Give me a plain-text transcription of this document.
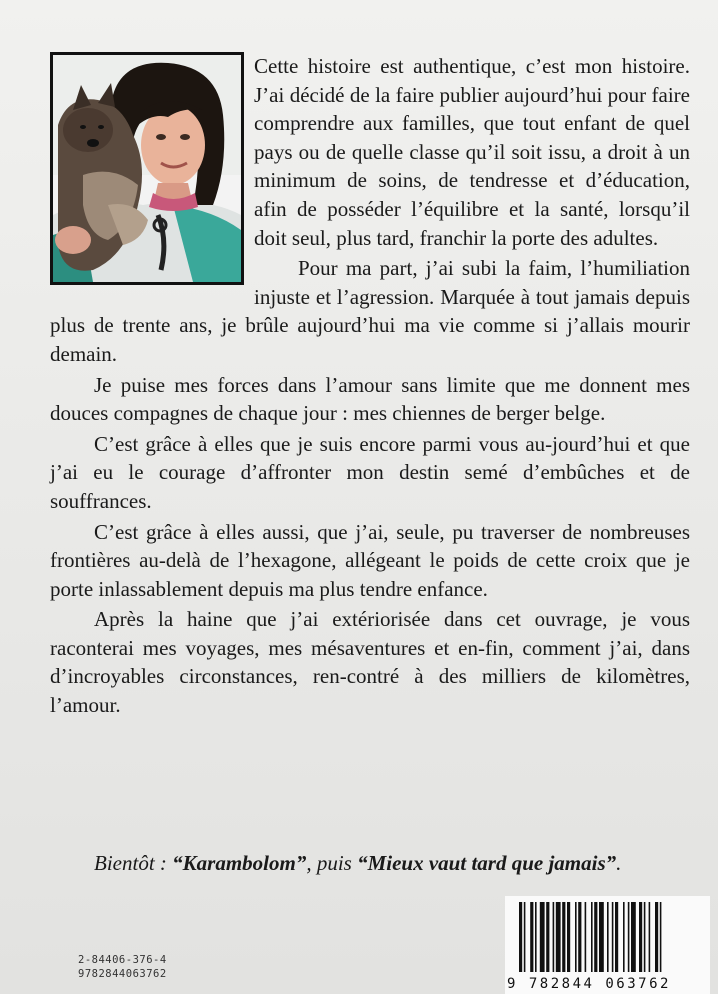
Cette histoire est authentique, c’est mon histoire. J’ai décidé de la faire publier aujourd’hui pour faire comprendre aux familles, que tout enfant de quel pays ou de quelle classe qu’il soit issu, a droit à un minimum de soins, de tendresse et d’éducation, afin de posséder l’équilibre et la santé, lorsqu’il doit seul, plus tard, franchir la porte des adultes.

Pour ma part, j’ai subi la faim, l’humiliation injuste et l’agression. Marquée à tout jamais depuis plus de trente ans, je brûle aujourd’hui ma vie comme si j’allais mourir demain.

Je puise mes forces dans l’amour sans limite que me donnent mes douces compagnes de chaque jour : mes chiennes de berger belge.

C’est grâce à elles que je suis encore parmi vous au-jourd’hui et que j’ai eu le courage d’affronter mon destin semé d’embûches et de souffrances.

C’est grâce à elles aussi, que j’ai, seule, pu traverser de nombreuses frontières au-delà de l’hexagone, allégeant le poids de cette croix que je porte inlassablement depuis ma plus tendre enfance.

Après la haine que j’ai extériorisée dans cet ouvrage, je vous raconterai mes voyages, mes mésaventures et en-fin, comment j’ai, dans d’incroyables circonstances, ren-contré à des milliers de kilomètres, l’amour.

Bientôt : “Karambolom”, puis “Mieux vaut tard que jamais”.
2-84406-376-4
9782844063762
9 782844 063762
